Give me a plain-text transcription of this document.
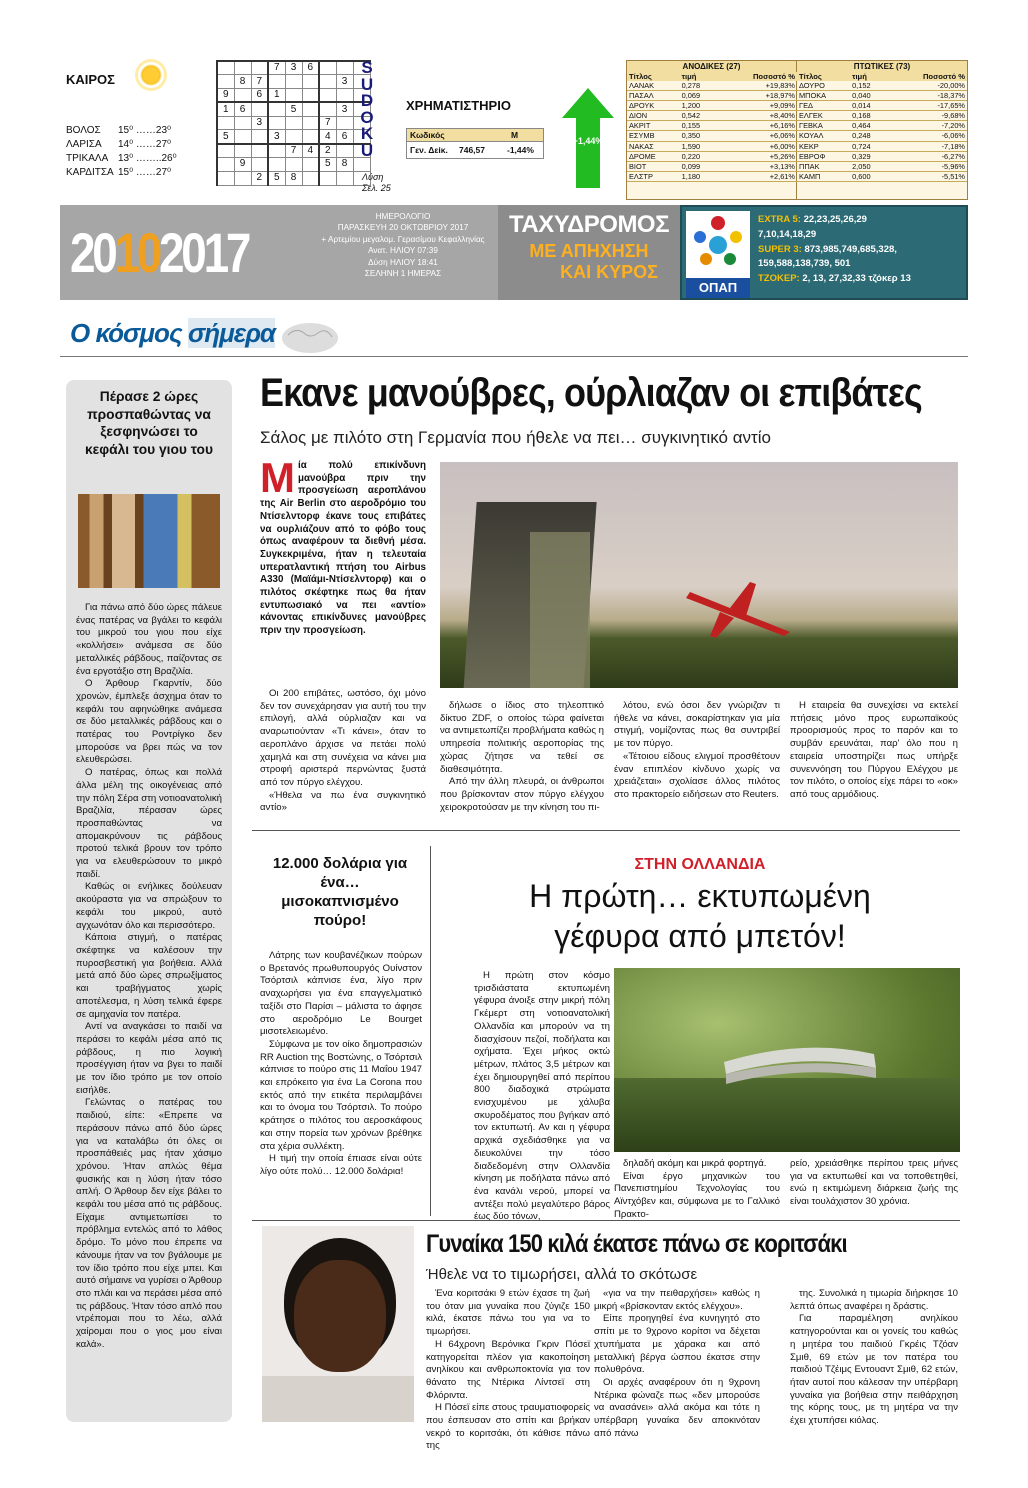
ΚΑΙΡΟΣ
ΒΟΛΟΣ 15⁰ ……23⁰
ΛΑΡΙΣΑ 14⁰ ……27⁰
ΤΡΙΚΑΛΑ 13⁰ ……..26⁰
ΚΑΡΔΙΤΣΑ 15⁰ ……27⁰
			7	3	6			
	8	7					3	
9		6	1					
1	6			5			3	
		3				7		
5			3			4	6	
				7	4	2		
	9					5	8	
		2	5	8				
S
U
D
O
K
U
Λύση
Σελ. 25
ΧΡΗΜΑΤΙΣΤΗΡΙΟ
Κωδικός	Μ
Γεν. Δείκ.	746,57	-1,44%
+1,44%
ΑΝΟΔΙΚΕΣ (27)
Τίτλος	τιμή	Ποσοστό %
ΛΑΝΑΚ	0,278	+19,83%
ΠΑΣΑΛ	0,069	+18,97%
ΔΡΟΥΚ	1,200	+9,09%
ΔΙΟΝ	0,542	+8,40%
ΑΚΡΙΤ	0,155	+6,16%
ΕΣΥΜΒ	0,350	+6,06%
ΝΑΚΑΣ	1,590	+6,00%
ΔΡΟΜΕ	0,220	+5,26%
ΒΙΟΤ	0,099	+3,13%
ΕΛΣΤΡ	1,180	+2,61%
ΠΤΩΤΙΚΕΣ (73)
Τίτλος	τιμή	Ποσοστό %
ΔΟΥΡΟ	0,152	-20,00%
ΜΠΟΚΑ	0,040	-18,37%
ΓΕΔ	0,014	-17,65%
ΕΛΓΕΚ	0,168	-9,68%
ΓΕΒΚΑ	0,464	-7,20%
ΚΟΥΑΛ	0,248	-6,06%
ΚΕΚΡ	0,724	-7,18%
ΕΒΡΟΦ	0,329	-6,27%
ΠΠΑΚ	2,050	-5,96%
ΚΑΜΠ	0,600	-5,51%
20102017
ΗΜΕΡΟΛΟΓΙΟ
ΠΑΡΑΣΚΕΥΗ 20 ΟΚΤΩΒΡΙΟΥ 2017
+ Αρτεμίου μεγαλομ. Γερασίμου Κεφαλληνίας
Ανατ. ΗΛΙΟΥ 07:39
Δύση ΗΛΙΟΥ 18:41
ΣΕΛΗΝΗ 1 ΗΜΕΡΑΣ
ΤΑΧΥΔΡΟΜΟΣ
ΜΕ ΑΠΗΧΗΣΗ
ΚΑΙ ΚΥΡΟΣ
ΟΠΑΠ
EXTRA 5: 22,23,25,26,29
7,10,14,18,29
SUPER 3: 873,985,749,685,328,
159,588,138,739, 501
ΤΖΟΚΕΡ: 2, 13, 27,32,33 τζόκερ 13
Ο κόσμος σήμερα
Πέρασε 2 ώρες προσπαθώντας να ξεσφηνώσει το κεφάλι του γιου του

Για πάνω από δύο ώρες πάλευε ένας πατέρας να βγάλει το κεφάλι του μικρού του γιου που είχε «κολλήσει» ανάμεσα σε δύο μεταλλικές ράβδους, παίζοντας σε ένα εργοτάξιο στη Βραζιλία.

Ο Άρθουρ Γκαρντίν, δύο χρονών, έμπλεξε άσχημα όταν το κεφάλι του αφηνώθηκε ανάμεσα σε δύο μεταλλικές ράβδους και ο πατέρας του Ροντρίγκο δεν μπορούσε να βρει πώς να τον ελευθερώσει.

Ο πατέρας, όπως και πολλά άλλα μέλη της οικογένειας από την πόλη Σέρα στη νοτιοανατολική Βραζιλία, πέρασαν ώρες προσπαθώντας να απομακρύνουν τις ράβδους προτού τελικά βρουν τον τρόπο για να ελευθερώσουν το μικρό παιδί.

Καθώς οι ενήλικες δούλευαν ακούραστα για να σπρώξουν το κεφάλι του μικρού, αυτό αγχωνόταν όλο και περισσότερο.

Κάποια στιγμή, ο πατέρας σκέφτηκε να καλέσουν την πυροσβεστική για βοήθεια. Αλλά μετά από δύο ώρες σπρωξίματος και τραβήγματος χωρίς αποτέλεσμα, η λύση τελικά έφερε σε αμηχανία τον πατέρα.

Αντί να αναγκάσει το παιδί να περάσει το κεφάλι μέσα από τις ράβδους, η πιο λογική προσέγγιση ήταν να βγει το παιδί με τον ίδιο τρόπο με τον οποίο εισήλθε.

Γελώντας ο πατέρας του παιδιού, είπε: «Επρεπε να περάσουν πάνω από δύο ώρες για να καταλάβω ότι όλες οι προσπάθειές μας ήταν χάσιμο χρόνου. Ήταν απλώς θέμα φυσικής και η λύση ήταν τόσο απλή. Ο Άρθουρ δεν είχε βάλει το κεφάλι του μέσα από τις ράβδους. Είχαμε αντιμετωπίσει το πρόβλημα εντελώς από το λάθος δρόμο. Το μόνο που έπρεπε να κάνουμε ήταν να τον βγάλουμε με τον ίδιο τρόπο που είχε μπει. Και αυτό σήμαινε να γυρίσει ο Άρθουρ στο πλάι και να περάσει μέσα από τις ράβδους. Ήταν τόσο απλό που ντρέπομαι που το λέω, αλλά χαίρομαι που ο γιος μου είναι καλά».

Εκανε μανούβρες, ούρλιαζαν οι επιβάτες
Σάλος με πιλότο στη Γερμανία που ήθελε να πει… συγκινητικό αντίο

Μία πολύ επικίνδυνη μανούβρα πριν την προσγείωση αεροπλάνου της Air Berlin στο αεροδρόμιο του Ντίσελντορφ έκανε τους επιβάτες να ουρλιάζουν από το φόβο τους όπως αναφέρουν τα διεθνή μέσα. Συγκεκριμένα, ήταν η τελευταία υπερατλαντική πτήση του Airbus A330 (Μαϊάμι-Ντίσελντορφ) και ο πιλότος σκέφτηκε πως θα ήταν εντυπωσιακό να πει «αντίο» κάνοντας επικίνδυνες μανούβρες πριν την προσγείωση.

Οι 200 επιβάτες, ωστόσο, όχι μόνο δεν τον συνεχάρησαν για αυτή του την επιλογή, αλλά ούρλιαζαν και να αναρωτιούνταν «Τι κάνει», όταν το αεροπλάνο άρχισε να πετάει πολύ χαμηλά και στη συνέχεια να κάνει μια στροφή αριστερά περνώντας ξυστά από τον πύργο ελέγχου.

«Ήθελα να πω ένα συγκινητικό αντίο»

δήλωσε ο ίδιος στο τηλεοπτικό δίκτυο ZDF, ο οποίος τώρα φαίνεται να αντιμετωπίζει προβλήματα καθώς η υπηρεσία πολιτικής αεροπορίας της χώρας ζήτησε να τεθεί σε διαθεσιμότητα.

Από την άλλη πλευρά, οι άνθρωποι που βρίσκονταν στον πύργο ελέγχου χειροκροτούσαν με την κίνηση του πι-

λότου, ενώ όσοι δεν γνώριζαν τι ήθελε να κάνει, σοκαρίστηκαν για μία στιγμή, νομίζοντας πως θα συντριβεί με τον πύργο.

«Τέτοιου είδους ελιγμοί προσθέτουν έναν επιπλέον κίνδυνο χωρίς να χρειάζεται» σχολίασε άλλος πιλότος στο πρακτορείο ειδήσεων στο Reuters.

Η εταιρεία θα συνεχίσει να εκτελεί πτήσεις μόνο προς ευρωπαϊκούς προορισμούς προς το παρόν και το συμβάν ερευνάται, παρ' όλο που η εταιρεία υποστηρίζει πως υπήρξε συνεννόηση του Πύργου Ελέγχου με τον πιλότο, ο οποίος είχε πάρει το «οκ» από τους αρμόδιους.

12.000 δολάρια για ένα… μισοκαπνισμένο πούρο!

Λάτρης των κουβανέζικων πούρων ο Βρετανός πρωθυπουργός Ουίνστον Τσόρτσιλ κάπνισε ένα, λίγο πριν αναχωρήσει για ένα επαγγελματικό ταξίδι στο Παρίσι – μάλιστα το άφησε στο αεροδρόμιο Le Bourget μισοτελειωμένο.

Σύμφωνα με τον οίκο δημοπρασιών RR Auction της Βοστώνης, ο Τσόρτσιλ κάπνισε το πούρο στις 11 Μαΐου 1947 και επρόκειτο για ένα La Corona που εκτός από την ετικέτα περιλαμβάνει και το όνομα του Τσόρτσιλ. Το πούρο κράτησε ο πιλότος του αεροσκάφους και στην πορεία των χρόνων βρέθηκε στα χέρια συλλέκτη.

Η τιμή την οποία έπιασε είναι ούτε λίγο ούτε πολύ… 12.000 δολάρια!

ΣΤΗΝ ΟΛΛΑΝΔΙΑ
Η πρώτη… εκτυπωμένη
γέφυρα από μπετόν!

Η πρώτη στον κόσμο τρισδιάστατα εκτυπωμένη γέφυρα άνοιξε στην μικρή πόλη Γκέμερτ στη νοτιοανατολική Ολλανδία και μπορούν να τη διασχίσουν πεζοί, ποδήλατα και οχήματα. Έχει μήκος οκτώ μέτρων, πλάτος 3,5 μέτρων και έχει δημιουργηθεί από περίπου 800 διαδοχικά στρώματα ενισχυμένου με χάλυβα σκυροδέματος που βγήκαν από τον εκτυπωτή. Αν και η γέφυρα αρχικά σχεδιάσθηκε για να διευκολύνει την τόσο διαδεδομένη στην Ολλανδία κίνηση με ποδήλατα πάνω από ένα κανάλι νερού, μπορεί να αντέξει πολύ μεγαλύτερο βάρος έως δύο τόνων,

δηλαδή ακόμη και μικρά φορτηγά.

Είναι έργο μηχανικών του Πανεπιστημίου Τεχνολογίας του Αϊντχόβεν και, σύμφωνα με το Γαλλικό Πρακτο-

ρείο, χρειάσθηκε περίπου τρεις μήνες για να εκτυπωθεί και να τοποθετηθεί, ενώ η εκτιμώμενη διάρκεια ζωής της είναι τουλάχιστον 30 χρόνια.

Γυναίκα 150 κιλά έκατσε πάνω σε κοριτσάκι
Ήθελε να το τιμωρήσει, αλλά το σκότωσε

Ένα κοριτσάκι 9 ετών έχασε τη ζωή του όταν μια γυναίκα που ζύγιζε 150 κιλά, έκατσε πάνω του για να το τιμωρήσει.

Η 64χρονη Βερόνικα Γκριν Πόσεϊ κατηγορείται πλέον για κακοποίηση ανηλίκου και ανθρωποκτονία για τον θάνατο της Ντέρικα Λίντσεϊ στη Φλόριντα.

Η Πόσεϊ είπε στους τραυματιοφορείς που έσπευσαν στο σπίτι και βρήκαν νεκρό το κοριτσάκι, ότι κάθισε πάνω της

«για να την πειθαρχήσει» καθώς η μικρή «βρίσκονταν εκτός ελέγχου».

Είπε προηγηθεί ένα κυνηγητό στο σπίτι με το 9χρονο κορίτσι να δέχεται χτυπήματα με χάρακα και από μεταλλική βέργα ώσπου έκατσε στην πολυθρόνα.

Οι αρχές αναφέρουν ότι η 9χρονη Ντέρικα φώναζε πως «δεν μπορούσε να ανασάνει» αλλά ακόμα και τότε η υπέρβαρη γυναίκα δεν αποκινόταν από πάνω

της. Συνολικά η τιμωρία διήρκησε 10 λεπτά όπως αναφέρει η δράστις.

Για παραμέληση ανηλίκου κατηγορούνται και οι γονείς του καθώς η μητέρα του παιδιού Γκρέις Τζόαν Σμιθ, 69 ετών με τον πατέρα του παιδιού Τζέιμς Εντουαντ Σμιθ, 62 ετών, ήταν αυτοί που κάλεσαν την υπέρβαρη γυναίκα για βοήθεια στην πειθάρχηση της κόρης τους, με τη μητέρα να την έχει χτυπήσει κιόλας.
